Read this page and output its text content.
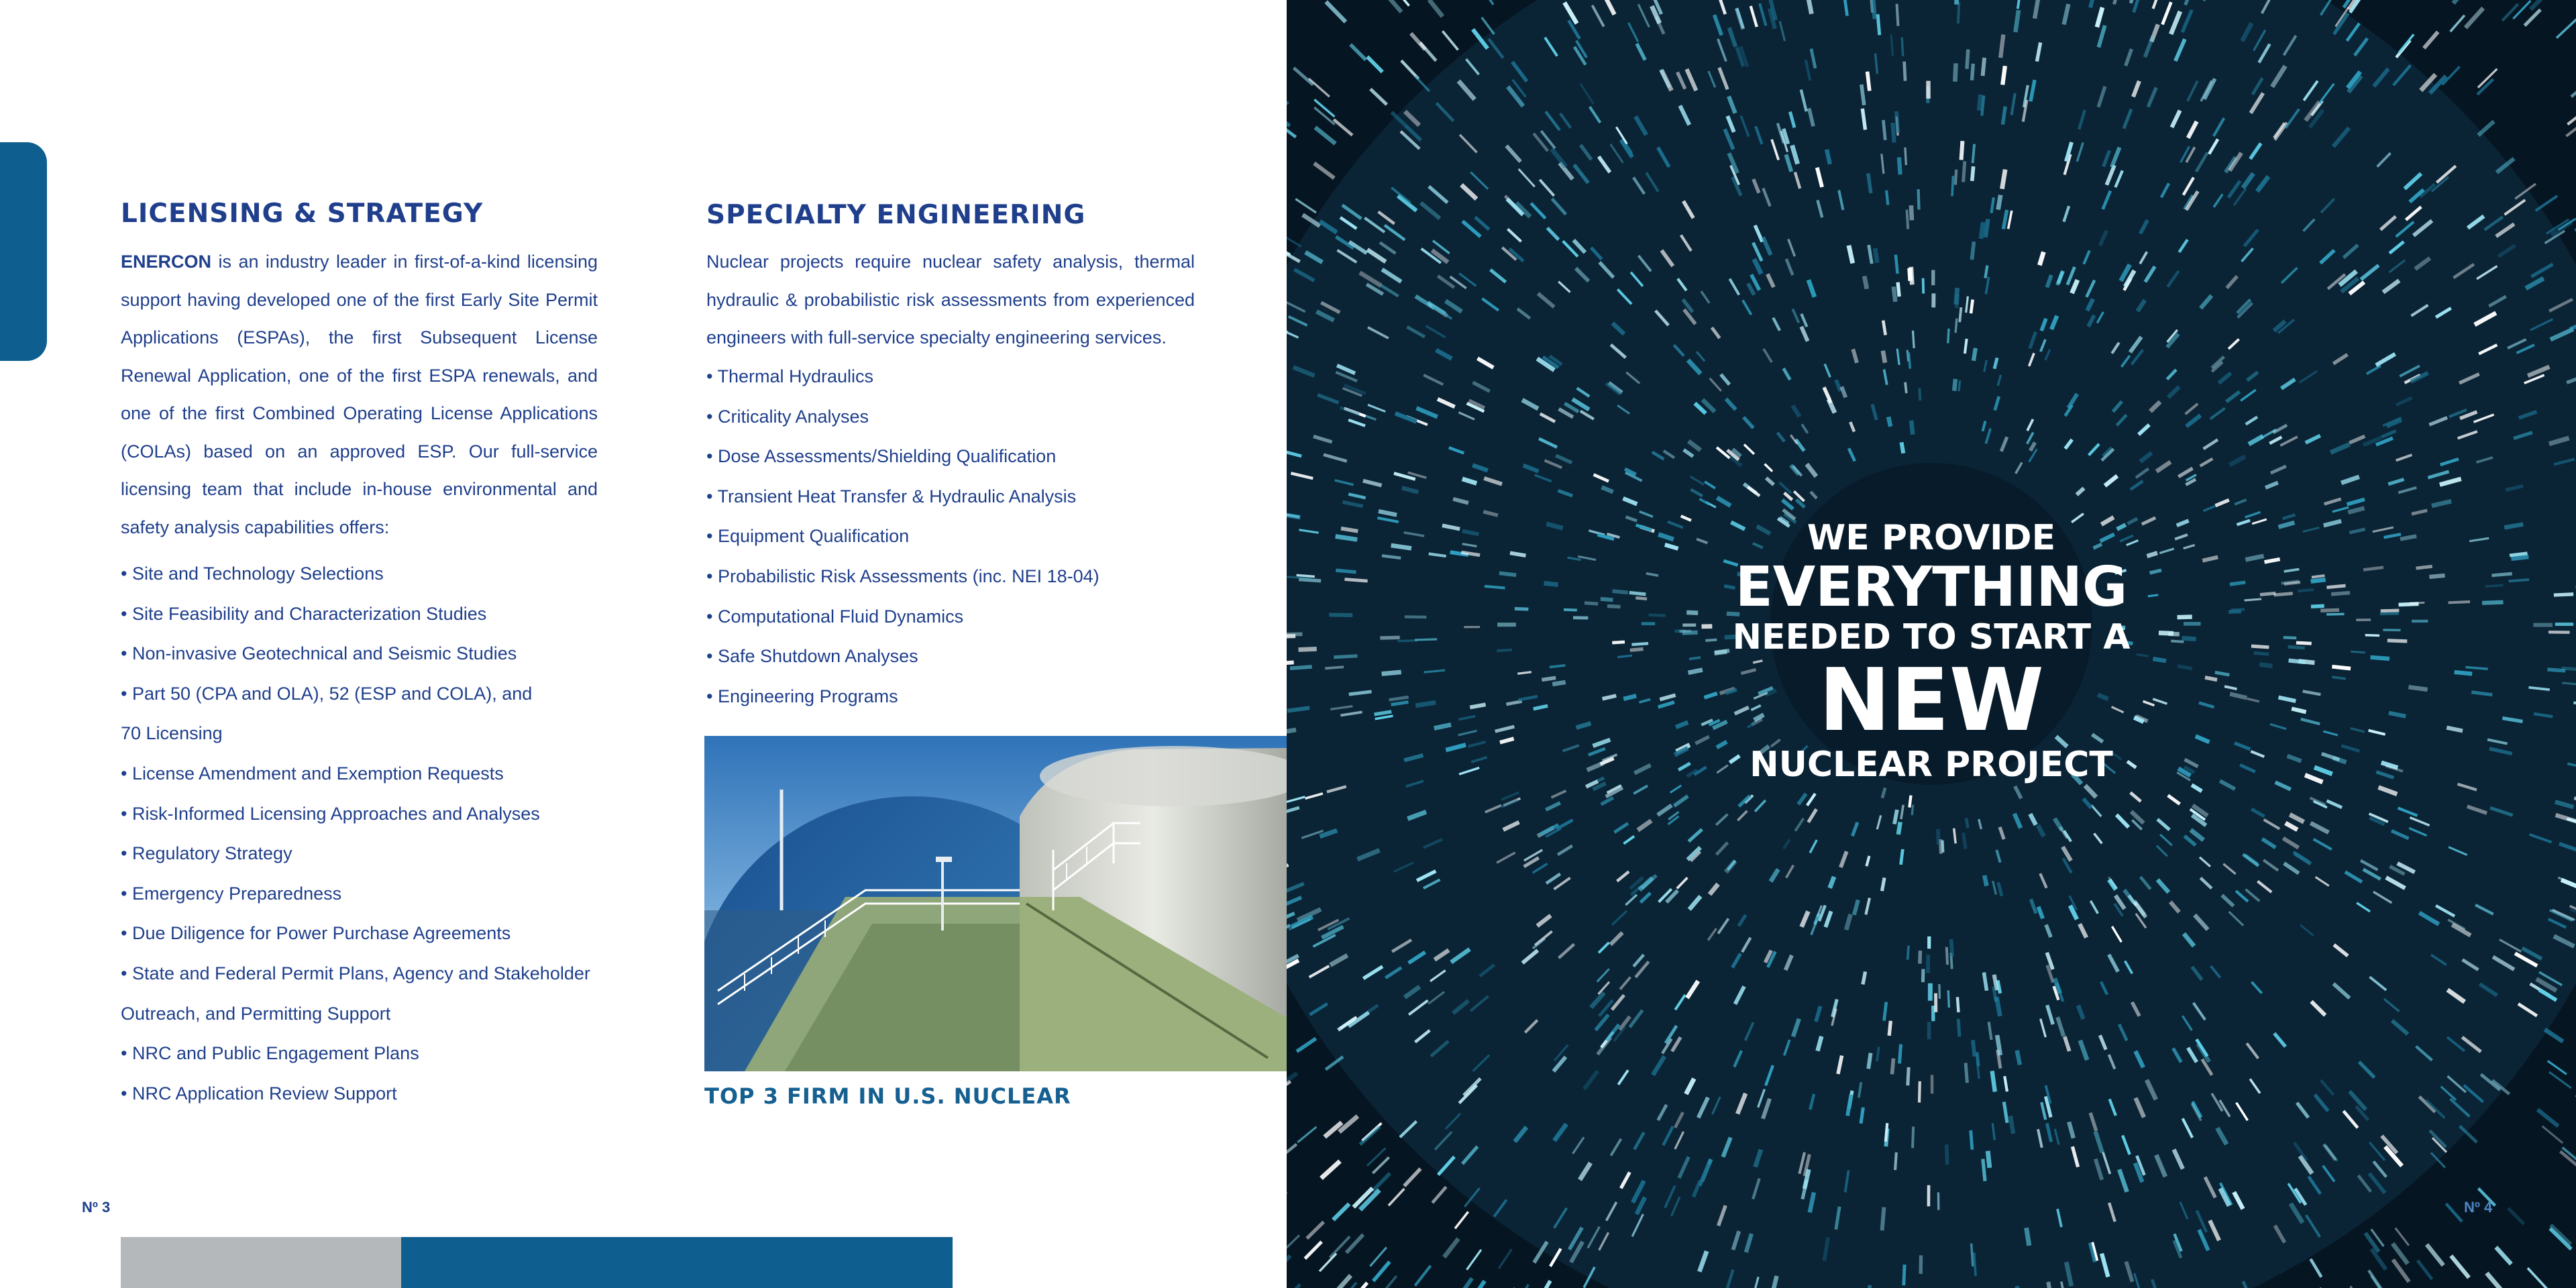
LICENSING & STRATEGY

ENERCON is an industry leader in first-of-a-kind licensing support having developed one of the first Early Site Permit Applications (ESPAs), the first Subsequent License Renewal Application, one of the first ESPA renewals, and one of the first Combined Operating License Applications (COLAs) based on an approved ESP. Our full-service licensing team that include in-house environmental and safety analysis capabilities offers:

• Site and Technology Selections
• Site Feasibility and Characterization Studies
• Non-invasive Geotechnical and Seismic Studies
• Part 50 (CPA and OLA), 52 (ESP and COLA), and
70 Licensing
• License Amendment and Exemption Requests
• Risk-Informed Licensing Approaches and Analyses
• Regulatory Strategy
• Emergency Preparedness
• Due Diligence for Power Purchase Agreements
• State and Federal Permit Plans, Agency and Stakeholder
Outreach, and Permitting Support
• NRC and Public Engagement Plans
• NRC Application Review Support
SPECIALTY ENGINEERING

Nuclear projects require nuclear safety analysis, thermal hydraulic & probabilistic risk assessments from experienced engineers with full-service specialty engineering services.

• Thermal Hydraulics
• Criticality Analyses
• Dose Assessments/Shielding Qualification
• Transient Heat Transfer & Hydraulic Analysis
• Equipment Qualification
• Probabilistic Risk Assessments (inc. NEI 18-04)
• Computational Fluid Dynamics
• Safe Shutdown Analyses
• Engineering Programs

TOP 3 FIRM IN U.S. NUCLEAR

Nº 3
WE PROVIDE
EVERYTHING
NEEDED TO START A
NEW
NUCLEAR PROJECT
Nº 4
